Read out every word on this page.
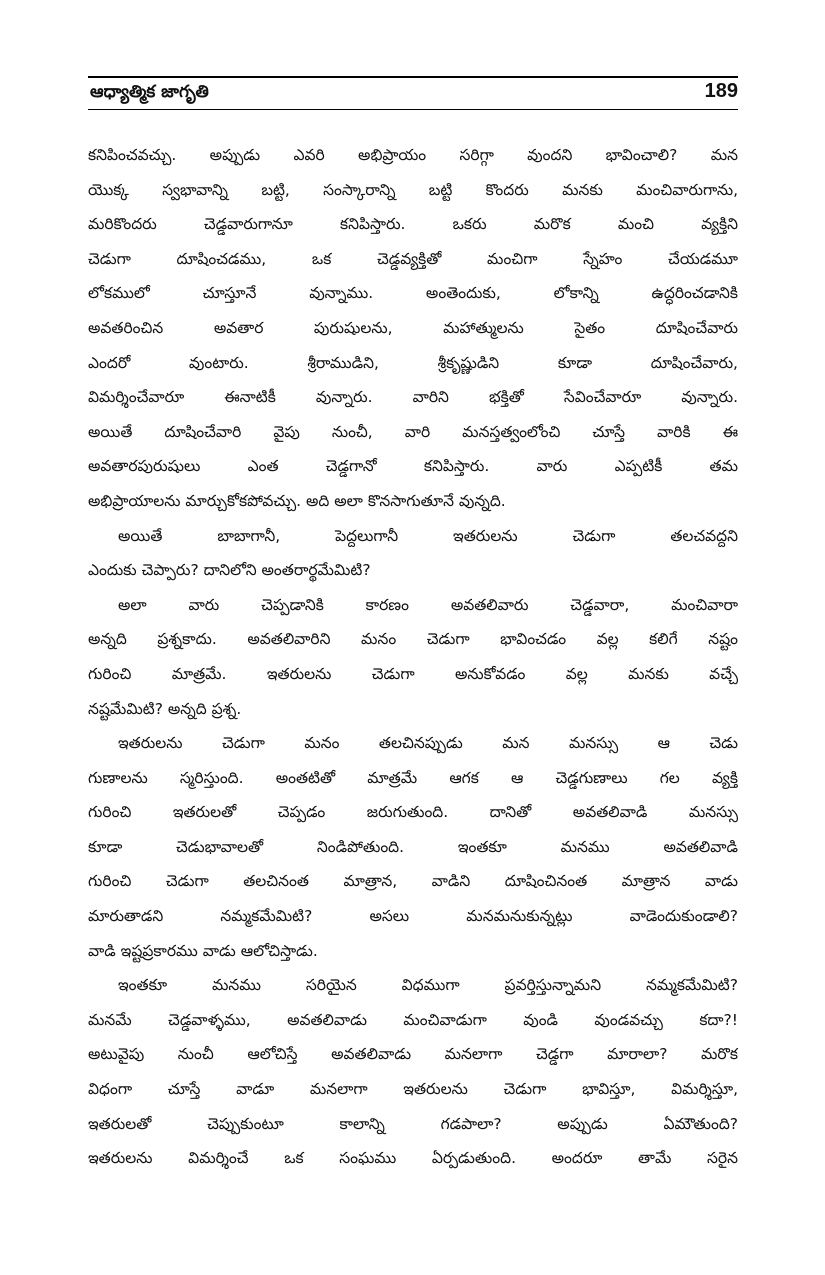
ఆధ్యాత్మిక జాగృతి	189
కనిపించవచ్చు. అప్పుడు ఎవరి అభిప్రాయం సరిగ్గా వుందని భావించాలి? మన
యొక్క స్వభావాన్ని బట్టి, సంస్కారాన్ని బట్టి కొందరు మనకు మంచివారుగాను,
మరికొందరు చెడ్డవారుగానూ కనిపిస్తారు. ఒకరు మరొక మంచి వ్యక్తిని
చెడుగా దూషించడము, ఒక చెడ్డవ్యక్తితో మంచిగా స్నేహం చేయడమూ
లోకములో చూస్తూనే వున్నాము. అంతెందుకు, లోకాన్ని ఉద్ధరించడానికి
అవతరించిన అవతార పురుషులను, మహాత్ములను సైతం దూషించేవారు
ఎందరో వుంటారు. శ్రీరాముడిని, శ్రీకృష్ణుడిని కూడా దూషించేవారు,
విమర్శించేవారూ ఈనాటికీ వున్నారు. వారిని భక్తితో సేవించేవారూ వున్నారు.
అయితే దూషించేవారి వైపు నుంచీ, వారి మనస్తత్వంలోంచి చూస్తే వారికి ఈ
అవతారపురుషులు ఎంత చెడ్డగానో కనిపిస్తారు. వారు ఎప్పటికీ తమ
అభిప్రాయాలను మార్చుకోకపోవచ్చు. అది అలా కొనసాగుతూనే వున్నది.
అయితే బాబాగానీ, పెద్దలుగానీ ఇతరులను చెడుగా తలచవద్దని
ఎందుకు చెప్పారు? దానిలోని అంతరార్థమేమిటి?
అలా వారు చెప్పడానికి కారణం అవతలివారు చెడ్డవారా, మంచివారా
అన్నది ప్రశ్నకాదు. అవతలివారిని మనం చెడుగా భావించడం వల్ల కలిగే నష్టం
గురించి మాత్రమే. ఇతరులను చెడుగా అనుకోవడం వల్ల మనకు వచ్చే
నష్టమేమిటి? అన్నది ప్రశ్న.
ఇతరులను చెడుగా మనం తలచినప్పుడు మన మనస్సు ఆ చెడు
గుణాలను స్మరిస్తుంది. అంతటితో మాత్రమే ఆగక ఆ చెడ్డగుణాలు గల వ్యక్తి
గురించి ఇతరులతో చెప్పడం జరుగుతుంది. దానితో అవతలివాడి మనస్సు
కూడా చెడుభావాలతో నిండిపోతుంది. ఇంతకూ మనము అవతలివాడి
గురించి చెడుగా తలచినంత మాత్రాన, వాడిని దూషించినంత మాత్రాన వాడు
మారుతాడని నమ్మకమేమిటి? అసలు మనమనుకున్నట్లు వాడెందుకుండాలి?
వాడి ఇష్టప్రకారము వాడు ఆలోచిస్తాడు.
ఇంతకూ మనము సరియైన విధముగా ప్రవర్తిస్తున్నామని నమ్మకమేమిటి?
మనమే చెడ్డవాళ్ళము, అవతలివాడు మంచివాడుగా వుండి వుండవచ్చు కదా?!
అటువైపు నుంచీ ఆలోచిస్తే అవతలివాడు మనలాగా చెడ్డగా మారాలా? మరొక
విధంగా చూస్తే వాడూ మనలాగా ఇతరులను చెడుగా భావిస్తూ, విమర్శిస్తూ,
ఇతరులతో చెప్పుకుంటూ కాలాన్ని గడపాలా? అప్పుడు ఏమౌతుంది?
ఇతరులను విమర్శించే ఒక సంఘము ఏర్పడుతుంది. అందరూ తామే సరైన
